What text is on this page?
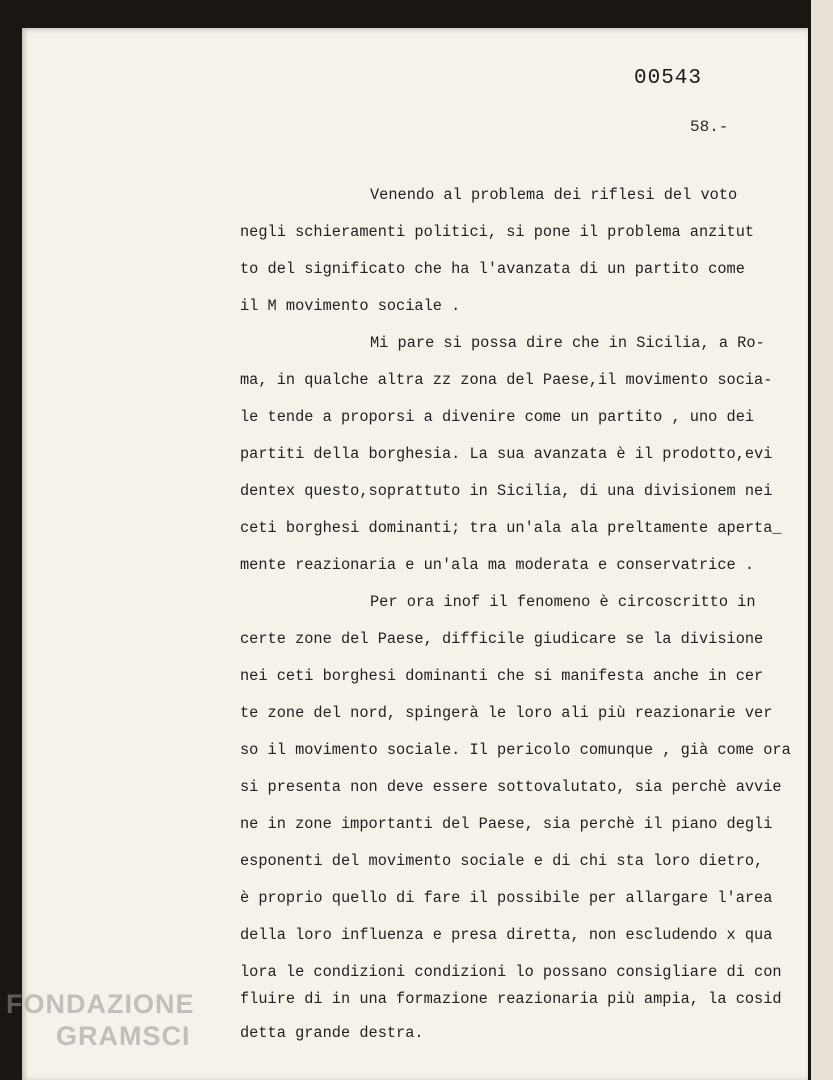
00543
58.-
Venendo al problema dei riflesi del voto
negli schieramenti politici, si pone il problema anzitut
to del significato che ha l'avanzata di un partito come
il M movimento sociale .
Mi pare si possa dire che in Sicilia, a Ro-
ma, in qualche altra zz zona del Paese,il movimento socia-
le tende a proporsi a divenire come un partito , uno dei
partiti della borghesia. La sua avanzata è il prodotto,evi
dentex questo,soprattuto in Sicilia, di una divisionem nei
ceti borghesi dominanti; tra un'ala ala preltamente aperta_
mente reazionaria e un'ala ma moderata e conservatrice .
Per ora inof il fenomeno è circoscritto in
certe zone del Paese, difficile giudicare se la divisione
nei ceti borghesi dominanti che si manifesta anche in cer
te zone del nord, spingerà le loro ali più reazionarie ver
so il movimento sociale. Il pericolo comunque , già come ora
si presenta non deve essere sottovalutato, sia perchè avvie
ne in zone importanti del Paese, sia perchè il piano degli
esponenti del movimento sociale e di chi sta loro dietro,
è proprio quello di fare il possibile per allargare l'area
della loro influenza e presa diretta, non escludendo x qua
lora le condizioni condizioni lo possano consigliare di con
fluire di in una formazione reazionaria più ampia, la cosid
detta grande destra.
FONDAZIONE
GRAMSCI
